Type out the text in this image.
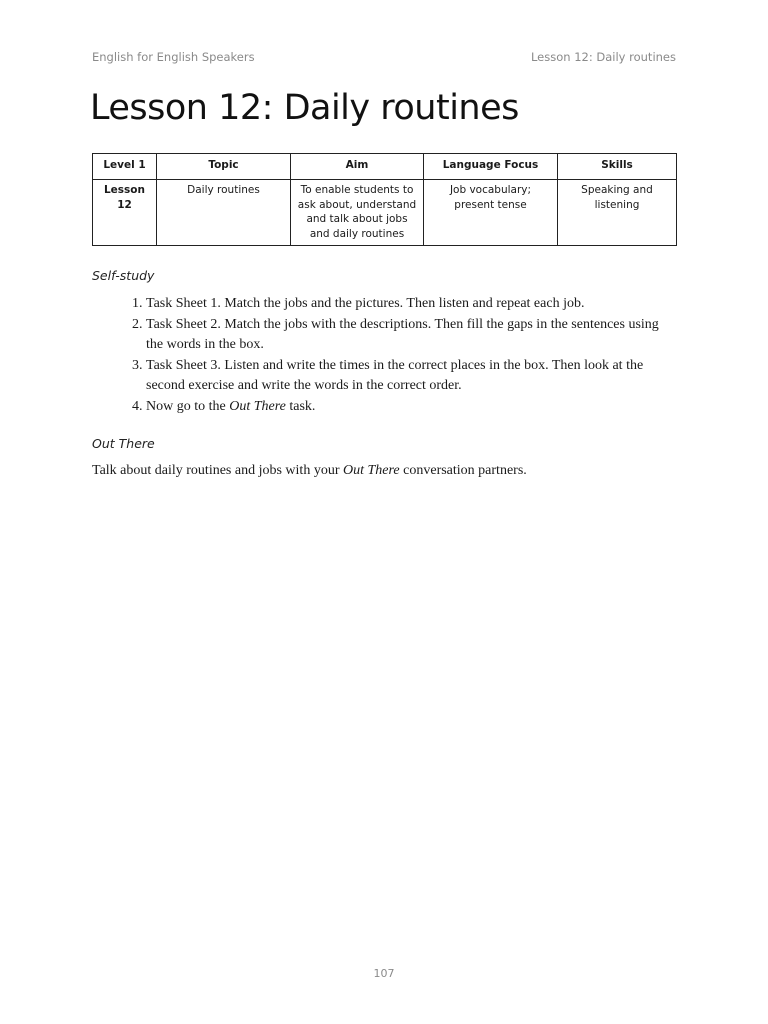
English for English Speakers	Lesson 12: Daily routines
Lesson 12: Daily routines
Level 1	Topic	Aim	Language Focus	Skills
Lesson 12	Daily routines	To enable students to ask about, understand and talk about jobs and daily routines	Job vocabulary; present tense	Speaking and listening

Self-study

1. Task Sheet 1. Match the jobs and the pictures. Then listen and repeat each job.
2. Task Sheet 2. Match the jobs with the descriptions. Then fill the gaps in the sentences using the words in the box.
3. Task Sheet 3. Listen and write the times in the correct places in the box. Then look at the second exercise and write the words in the correct order.
4. Now go to the Out There task.

Out There

Talk about daily routines and jobs with your Out There conversation partners.

107
